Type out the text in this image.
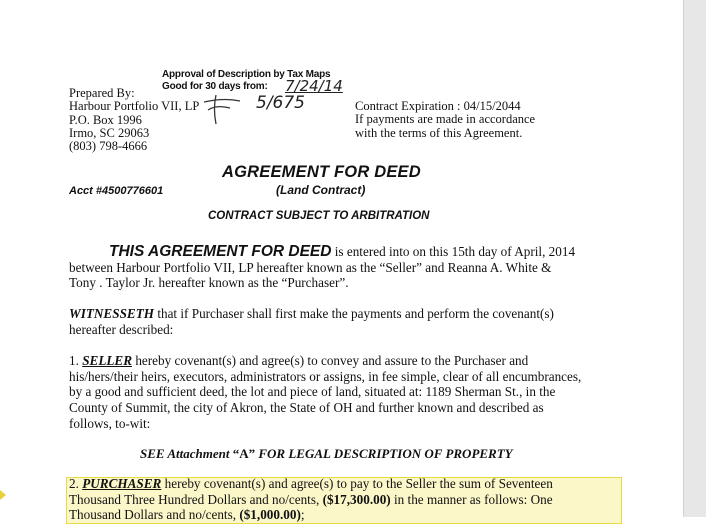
Approval of Description by Tax Maps
Good for 30 days from: 7/24/14
5/675
Prepared By:
Harbour Portfolio VII, LP
P.O. Box 1996
Irmo, SC 29063
(803) 798-4666
Contract Expiration : 04/15/2044
If payments are made in accordance
with the terms of this Agreement.
AGREEMENT FOR DEED
(Land Contract)
Acct #4500776601
CONTRACT SUBJECT TO ARBITRATION
THIS AGREEMENT FOR DEED is entered into on this 15th day of April, 2014
between Harbour Portfolio VII, LP hereafter known as the “Seller” and Reanna A. White &
Tony . Taylor Jr. hereafter known as the “Purchaser”.
WITNESSETH that if Purchaser shall first make the payments and perform the covenant(s)
hereafter described:
1. SELLER hereby covenant(s) and agree(s) to convey and assure to the Purchaser and
his/hers/their heirs, executors, administrators or assigns, in fee simple, clear of all encumbrances,
by a good and sufficient deed, the lot and piece of land, situated at: 1189 Sherman St., in the
County of Summit, the city of Akron, the State of OH and further known and described as
follows, to-wit:
SEE Attachment “A” FOR LEGAL DESCRIPTION OF PROPERTY
2. PURCHASER hereby covenant(s) and agree(s) to pay to the Seller the sum of Seventeen
Thousand Three Hundred Dollars and no/cents, ($17,300.00) in the manner as follows: One
Thousand Dollars and no/cents, ($1,000.00);
